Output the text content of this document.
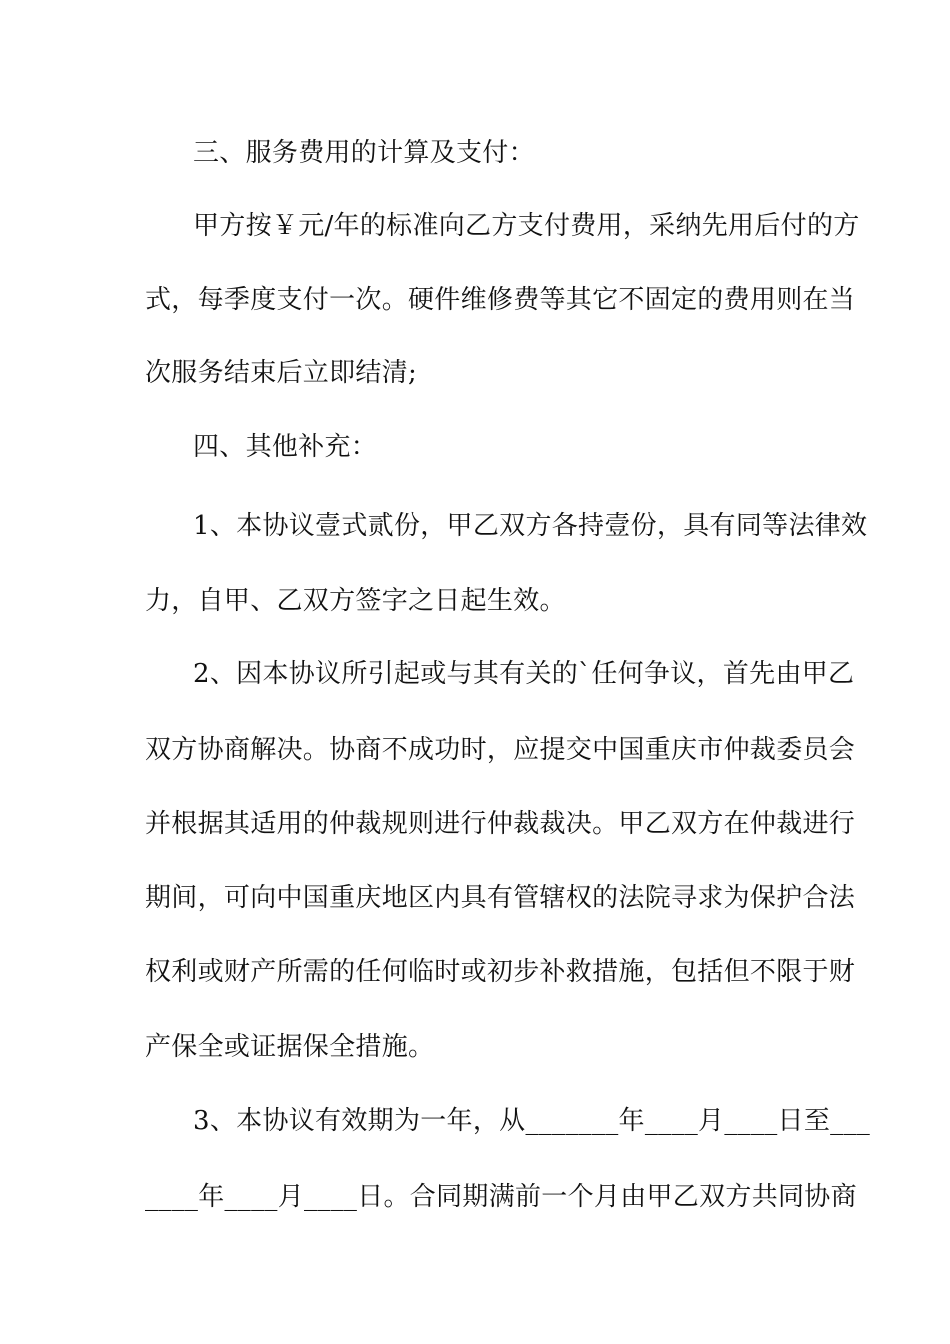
三、服务费用的计算及支付：
甲方按￥元/年的标准向乙方支付费用，采纳先用后付的方
式，每季度支付一次。硬件维修费等其它不固定的费用则在当
次服务结束后立即结清;
四、其他补充：
1、本协议壹式贰份，甲乙双方各持壹份，具有同等法律效
力，自甲、乙双方签字之日起生效。
2、因本协议所引起或与其有关的`任何争议，首先由甲乙
双方协商解决。协商不成功时，应提交中国重庆市仲裁委员会
并根据其适用的仲裁规则进行仲裁裁决。甲乙双方在仲裁进行
期间，可向中国重庆地区内具有管辖权的法院寻求为保护合法
权利或财产所需的任何临时或初步补救措施，包括但不限于财
产保全或证据保全措施。
3、本协议有效期为一年，从_______年____月____日至___
____年____月____日。合同期满前一个月由甲乙双方共同协商
